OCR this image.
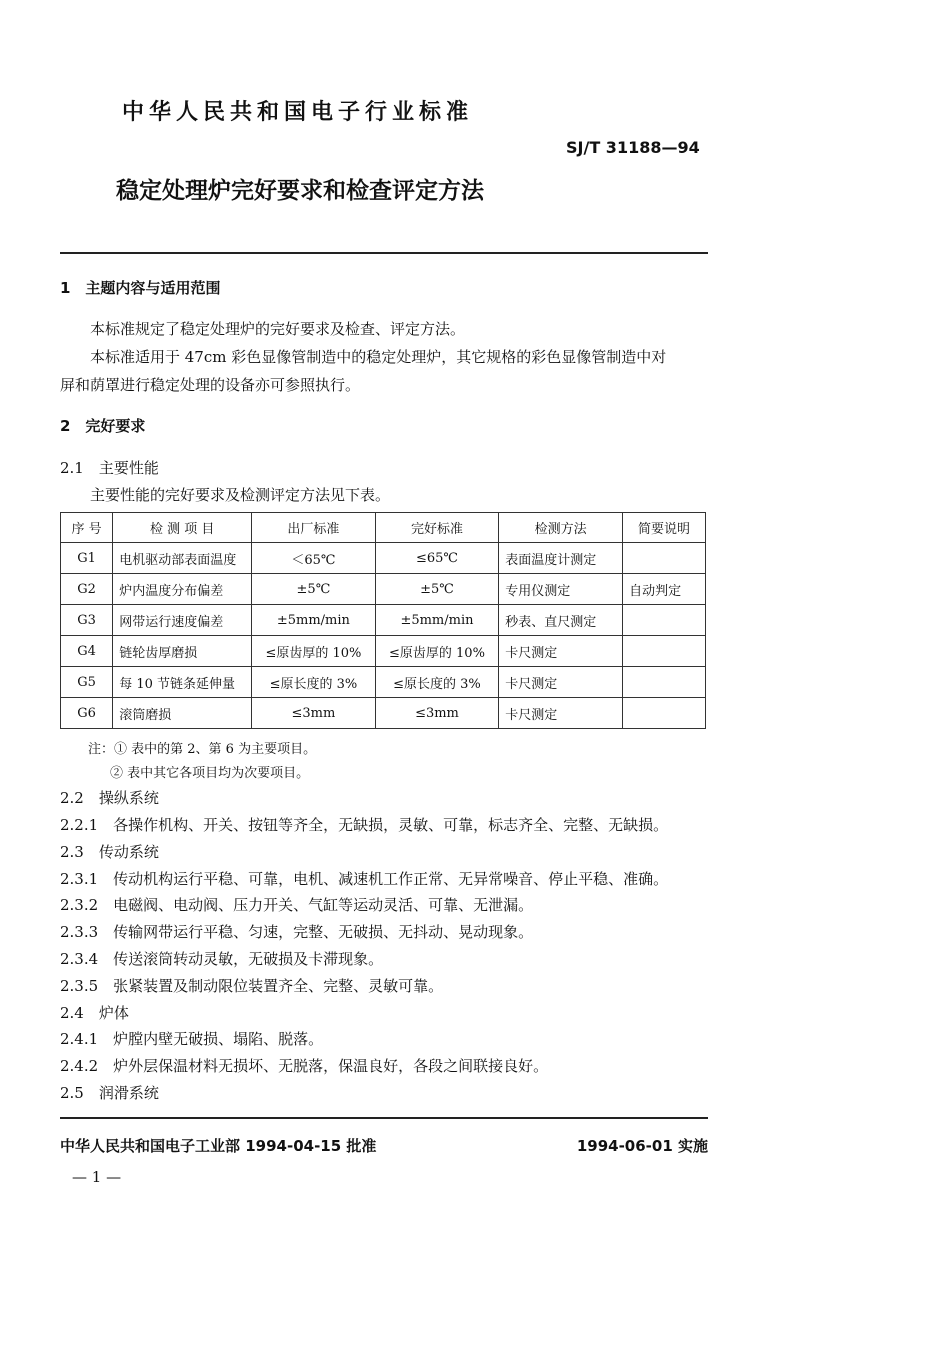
中华人民共和国电子行业标准
SJ/T 31188—94
稳定处理炉完好要求和检查评定方法
1　主题内容与适用范围
本标准规定了稳定处理炉的完好要求及检查、评定方法。
本标准适用于 47cm 彩色显像管制造中的稳定处理炉，其它规格的彩色显像管制造中对
屏和荫罩进行稳定处理的设备亦可参照执行。
2　完好要求
2.1　主要性能
主要性能的完好要求及检测评定方法见下表。
序 号	检 测 项 目	出厂标准	完好标准	检测方法	简要说明
G1	电机驱动部表面温度	＜65℃	≤65℃	表面温度计测定	
G2	炉内温度分布偏差	±5℃	±5℃	专用仪测定	自动判定
G3	网带运行速度偏差	±5mm/min	±5mm/min	秒表、直尺测定	
G4	链轮齿厚磨损	≤原齿厚的 10%	≤原齿厚的 10%	卡尺测定	
G5	每 10 节链条延伸量	≤原长度的 3%	≤原长度的 3%	卡尺测定	
G6	滚筒磨损	≤3mm	≤3mm	卡尺测定	
注：① 表中的第 2、第 6 为主要项目。
② 表中其它各项目均为次要项目。
2.2　操纵系统
2.2.1　各操作机构、开关、按钮等齐全，无缺损，灵敏、可靠，标志齐全、完整、无缺损。
2.3　传动系统
2.3.1　传动机构运行平稳、可靠，电机、减速机工作正常、无异常噪音、停止平稳、准确。
2.3.2　电磁阀、电动阀、压力开关、气缸等运动灵活、可靠、无泄漏。
2.3.3　传输网带运行平稳、匀速，完整、无破损、无抖动、晃动现象。
2.3.4　传送滚筒转动灵敏，无破损及卡滞现象。
2.3.5　张紧装置及制动限位装置齐全、完整、灵敏可靠。
2.4　炉体
2.4.1　炉膛内壁无破损、塌陷、脱落。
2.4.2　炉外层保温材料无损坏、无脱落，保温良好，各段之间联接良好。
2.5　润滑系统
中华人民共和国电子工业部 1994-04-15 批准	1994-06-01 实施
— 1 —
